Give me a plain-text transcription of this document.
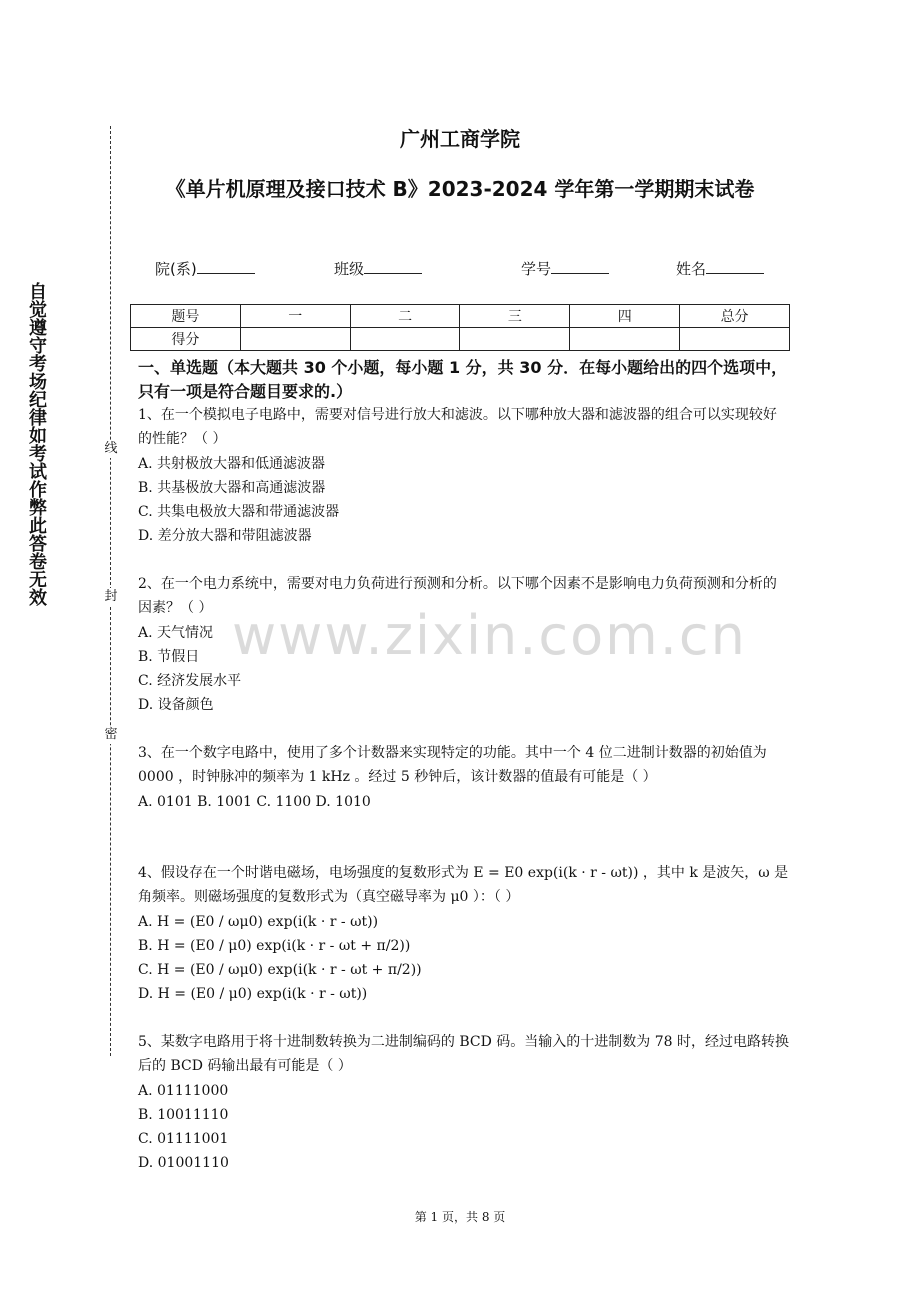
自觉遵守考场纪律如考试作弊此答卷无效	线
封
密
广州工商学院
《单片机原理及接口技术 B》2023-2024 学年第一学期期末试卷
院(系)	班级	学号	姓名
题号	一	二	三	四	总分
得分					
一、单选题（本大题共 30 个小题，每小题 1 分，共 30 分．在每小题给出的四个选项中，只有一项是符合题目要求的.）

1、在一个模拟电子电路中，需要对信号进行放大和滤波。以下哪种放大器和滤波器的组合可以实现较好的性能？（ ）

A. 共射极放大器和低通滤波器

B. 共基极放大器和高通滤波器

C. 共集电极放大器和带通滤波器

D. 差分放大器和带阻滤波器

2、在一个电力系统中，需要对电力负荷进行预测和分析。以下哪个因素不是影响电力负荷预测和分析的因素？（ ）

A. 天气情况

B. 节假日

C. 经济发展水平

D. 设备颜色

3、在一个数字电路中，使用了多个计数器来实现特定的功能。其中一个 4 位二进制计数器的初始值为 0000 ，时钟脉冲的频率为 1 kHz 。经过 5 秒钟后，该计数器的值最有可能是（ ）

A. 0101 B. 1001 C. 1100 D. 1010

4、假设存在一个时谐电磁场，电场强度的复数形式为 E = E0 exp(i(k · r - ωt)) ，其中 k 是波矢，ω 是角频率。则磁场强度的复数形式为（真空磁导率为 μ0 ）：（ ）

A. H = (E0 / ωμ0) exp(i(k · r - ωt))

B. H = (E0 / μ0) exp(i(k · r - ωt + π/2))

C. H = (E0 / ωμ0) exp(i(k · r - ωt + π/2))

D. H = (E0 / μ0) exp(i(k · r - ωt))

5、某数字电路用于将十进制数转换为二进制编码的 BCD 码。当输入的十进制数为 78 时，经过电路转换后的 BCD 码输出最有可能是（ ）

A. 01111000

B. 10011110

C. 01111001

D. 01001110

www.zixin.com.cn
第 1 页，共 8 页
